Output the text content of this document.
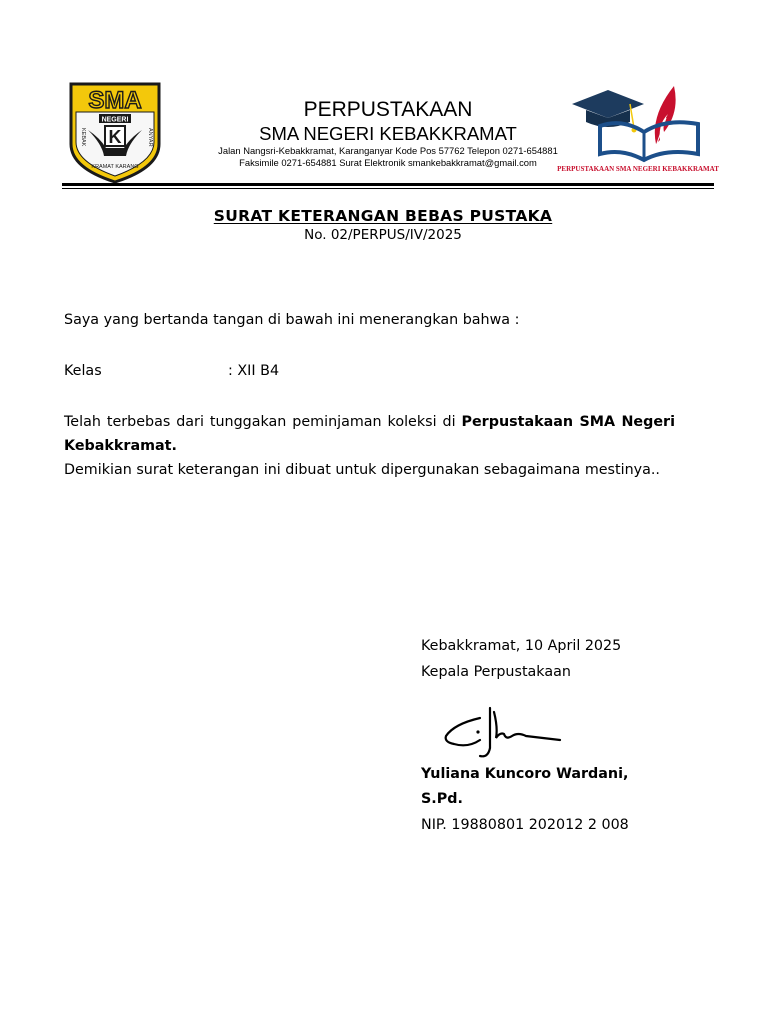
SMA
NEGERI
K
KEBAK	ANYAR
KRAMAT KARANG
PERPUSTAKAAN
SMA NEGERI KEBAKKRAMAT
Jalan Nangsri-Kebakkramat, Karanganyar Kode Pos 57762 Telepon 0271-654881
Faksimile 0271-654881 Surat Elektronik smankebakkramat@gmail.com
PERPUSTAKAAN SMA NEGERI KEBAKKRAMAT
SURAT KETERANGAN BEBAS PUSTAKA
No. 02/PERPUS/IV/2025
Saya yang bertanda tangan di bawah ini menerangkan bahwa :
Kelas	: XII B4
Telah terbebas dari tunggakan peminjaman koleksi di Perpustakaan SMA Negeri Kebakkramat.
Demikian surat keterangan ini dibuat untuk dipergunakan sebagaimana mestinya..
Kebakkramat, 10 April 2025
Kepala Perpustakaan
Yuliana Kuncoro Wardani, S.Pd.
NIP. 19880801 202012 2 008
